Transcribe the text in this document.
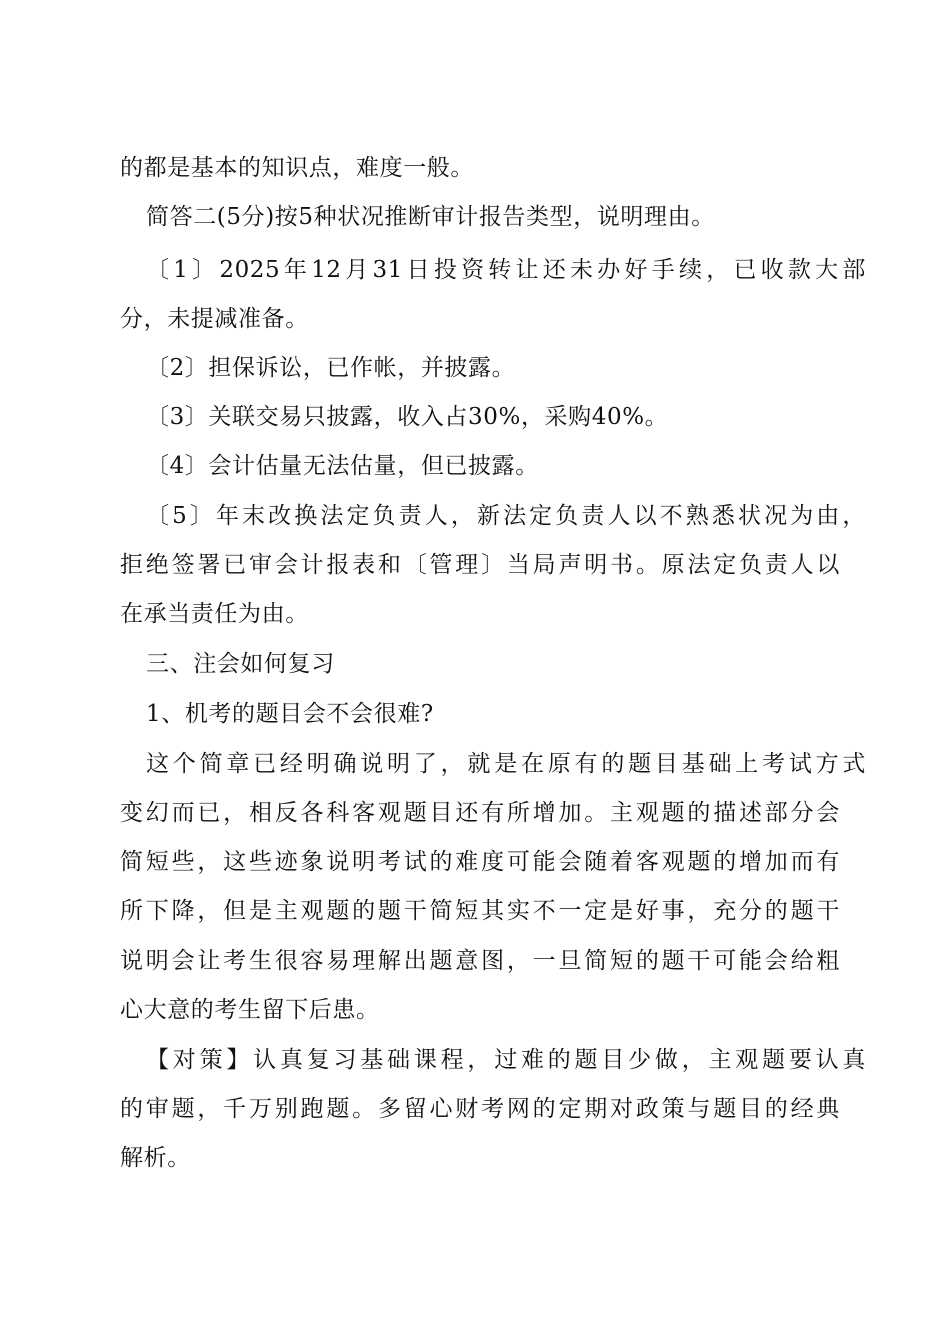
的都是基本的知识点，难度一般。
简答二(5分)按5种状况推断审计报告类型，说明理由。
〔1〕2025年12月31日投资转让还未办好手续，已收款大部
分，未提减准备。
〔2〕担保诉讼，已作帐，并披露。
〔3〕关联交易只披露，收入占30%，采购40%。
〔4〕会计估量无法估量，但已披露。
〔5〕年末改换法定负责人，新法定负责人以不熟悉状况为由，
拒绝签署已审会计报表和〔管理〕当局声明书。原法定负责人以
在承当责任为由。
三、注会如何复习
1、机考的题目会不会很难?
这个简章已经明确说明了，就是在原有的题目基础上考试方式
变幻而已，相反各科客观题目还有所增加。主观题的描述部分会
简短些，这些迹象说明考试的难度可能会随着客观题的增加而有
所下降，但是主观题的题干简短其实不一定是好事，充分的题干
说明会让考生很容易理解出题意图，一旦简短的题干可能会给粗
心大意的考生留下后患。
【对策】认真复习基础课程，过难的题目少做，主观题要认真
的审题，千万别跑题。多留心财考网的定期对政策与题目的经典
解析。
